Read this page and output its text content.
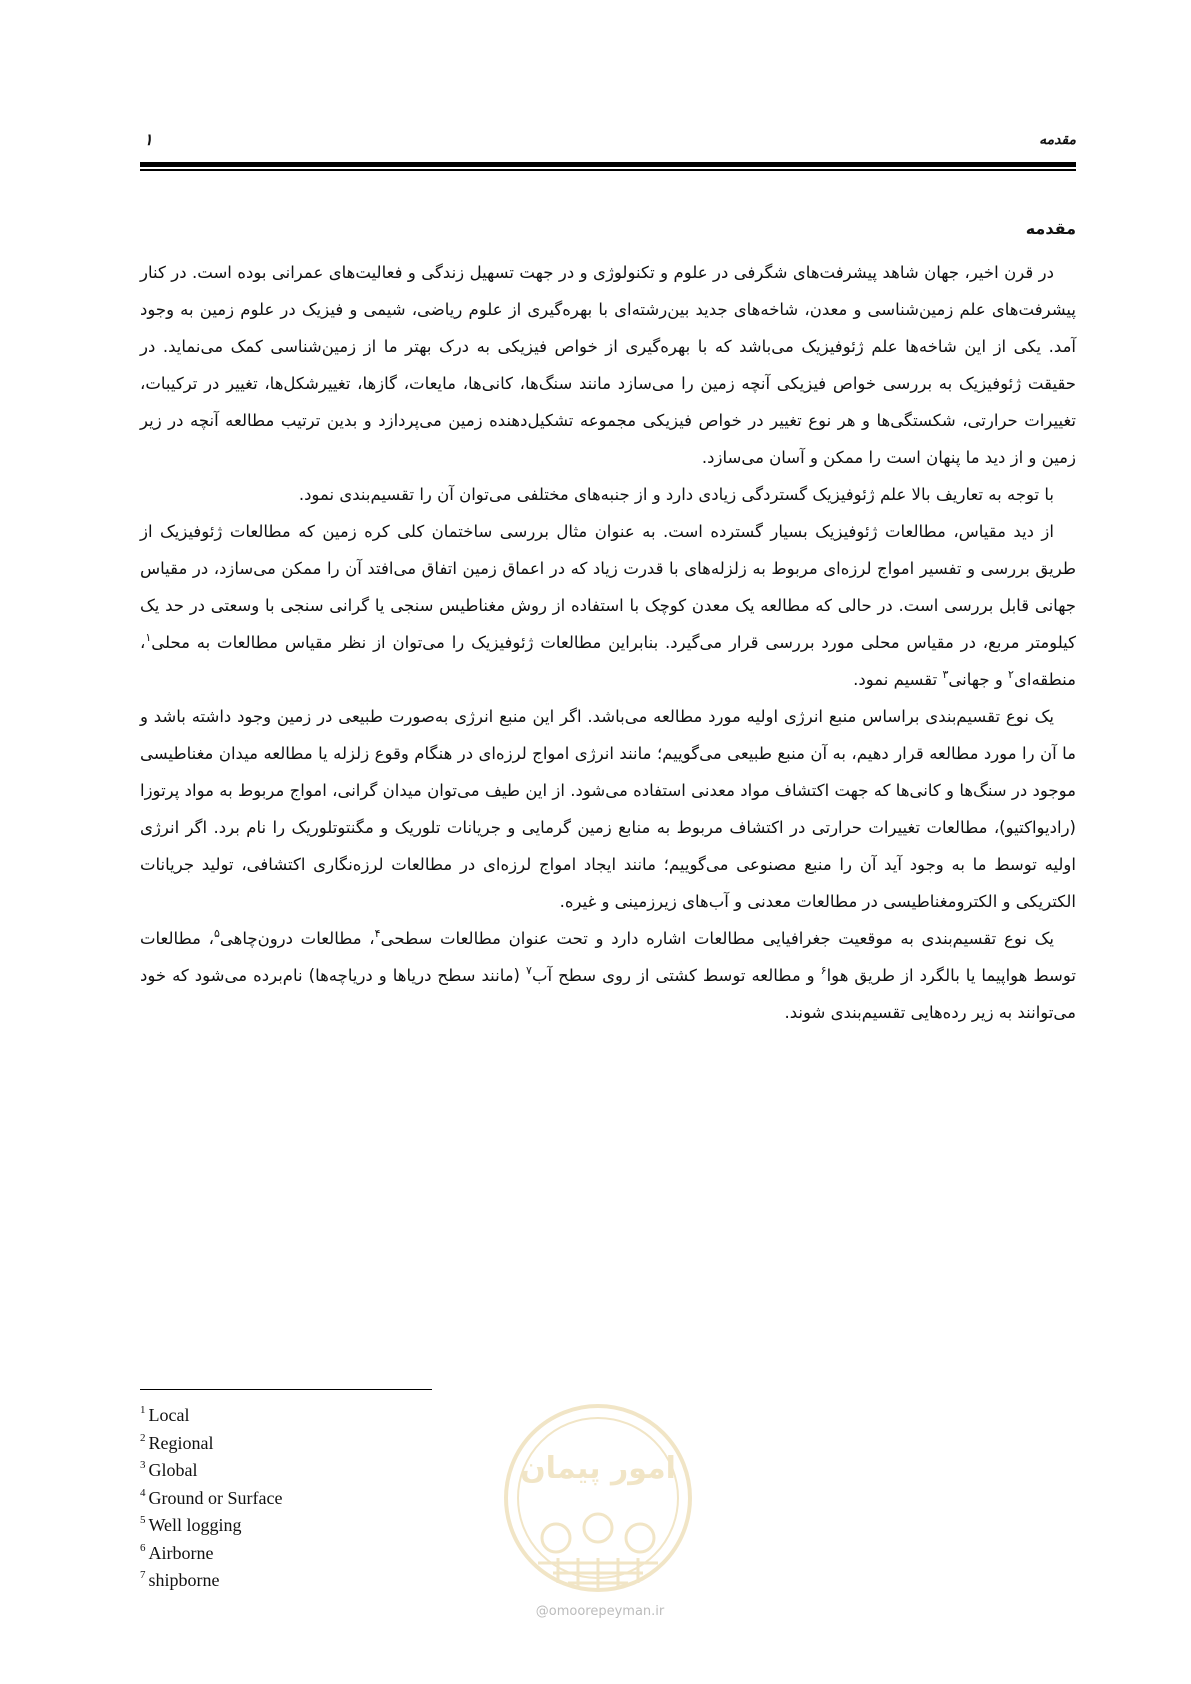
مقدمه
۱
مقدمه

در قرن اخیر، جهان شاهد پیشرفت‌های شگرفی در علوم و تکنولوژی و در جهت تسهیل زندگی و فعالیت‌های عمرانی بوده است. در کنار پیشرفت‌های علم زمین‌شناسی و معدن، شاخه‌های جدید بین‌رشته‌ای با بهره‌گیری از علوم ریاضی، شیمی و فیزیک در علوم زمین به وجود آمد. یکی از این شاخه‌ها علم ژئوفیزیک می‌باشد که با بهره‌گیری از خواص فیزیکی به درک بهتر ما از زمین‌شناسی کمک می‌نماید. در حقیقت ژئوفیزیک به بررسی خواص فیزیکی آنچه زمین را می‌سازد مانند سنگ‌ها، کانی‌ها، مایعات، گازها، تغییرشکل‌ها، تغییر در ترکیبات، تغییرات حرارتی، شکستگی‌ها و هر نوع تغییر در خواص فیزیکی مجموعه تشکیل‌دهنده زمین می‌پردازد و بدین ترتیب مطالعه آنچه در زیر زمین و از دید ما پنهان است را ممکن و آسان می‌سازد.

با توجه به تعاریف بالا علم ژئوفیزیک گستردگی زیادی دارد و از جنبه‌های مختلفی می‌توان آن را تقسیم‌بندی نمود.

از دید مقیاس، مطالعات ژئوفیزیک بسیار گسترده است. به عنوان مثال بررسی ساختمان کلی کره زمین که مطالعات ژئوفیزیک از طریق بررسی و تفسیر امواج لرزه‌ای مربوط به زلزله‌های با قدرت زیاد که در اعماق زمین اتفاق می‌افتد آن را ممکن می‌سازد، در مقیاس جهانی قابل بررسی است. در حالی که مطالعه یک معدن کوچک با استفاده از روش مغناطیس سنجی یا گرانی سنجی با وسعتی در حد یک کیلومتر مربع، در مقیاس محلی مورد بررسی قرار می‌گیرد. بنابراین مطالعات ژئوفیزیک را می‌توان از نظر مقیاس مطالعات به محلی$^۱$، منطقه‌ای$^۲$ و جهانی$^۳$ تقسیم نمود.

یک نوع تقسیم‌بندی براساس منبع انرژی اولیه مورد مطالعه می‌باشد. اگر این منبع انرژی به‌صورت طبیعی در زمین وجود داشته باشد و ما آن را مورد مطالعه قرار دهیم، به آن منبع طبیعی می‌گوییم؛ مانند انرژی امواج لرزه‌ای در هنگام وقوع زلزله یا مطالعه میدان مغناطیسی موجود در سنگ‌ها و کانی‌ها که جهت اکتشاف مواد معدنی استفاده می‌شود. از این طیف می‌توان میدان گرانی، امواج مربوط به مواد پرتوزا (رادیواکتیو)، مطالعات تغییرات حرارتی در اکتشاف مربوط به منابع زمین گرمایی و جریانات تلوریک و مگنتوتلوریک را نام برد. اگر انرژی اولیه توسط ما به وجود آید آن را منبع مصنوعی می‌گوییم؛ مانند ایجاد امواج لرزه‌ای در مطالعات لرزه‌نگاری اکتشافی، تولید جریانات الکتریکی و الکترومغناطیسی در مطالعات معدنی و آب‌های زیرزمینی و غیره.

یک نوع تقسیم‌بندی به موقعیت جغرافیایی مطالعات اشاره دارد و تحت عنوان مطالعات سطحی$^۴$، مطالعات درون‌چاهی$^۵$، مطالعات توسط هواپیما یا بالگرد از طریق هوا$^۶$ و مطالعه توسط کشتی از روی سطح آب$^۷$ (مانند سطح دریاها و دریاچه‌ها) نام‌برده می‌شود که خود می‌توانند به زیر رده‌هایی تقسیم‌بندی شوند.

$^1$ Local
$^2$ Regional
$^3$ Global
$^4$ Ground or Surface
$^5$ Well logging
$^6$ Airborne
$^7$ shipborne
امور پیمان
@omoorepeyman.ir
